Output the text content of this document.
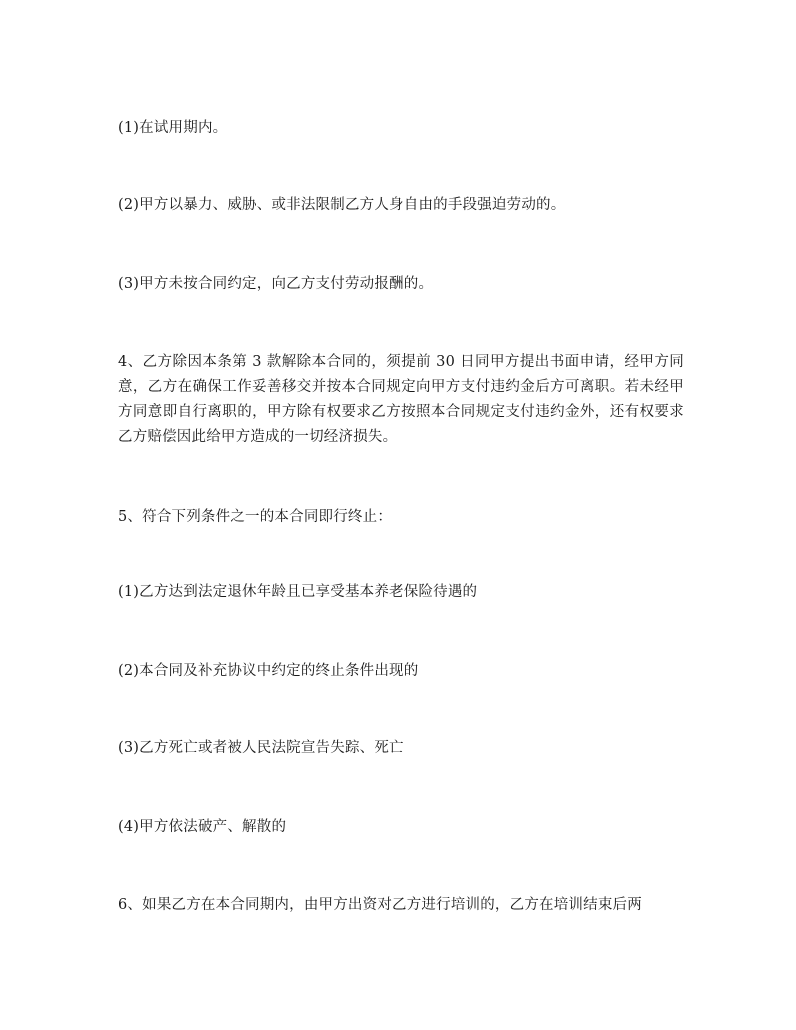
(1)在试用期内。

(2)甲方以暴力、威胁、或非法限制乙方人身自由的手段强迫劳动的。

(3)甲方未按合同约定，向乙方支付劳动报酬的。

4、乙方除因本条第 3 款解除本合同的，须提前 30 日同甲方提出书面申请，经甲方同意，乙方在确保工作妥善移交并按本合同规定向甲方支付违约金后方可离职。若未经甲方同意即自行离职的，甲方除有权要求乙方按照本合同规定支付违约金外，还有权要求乙方赔偿因此给甲方造成的一切经济损失。

5、符合下列条件之一的本合同即行终止：

(1)乙方达到法定退休年龄且已享受基本养老保险待遇的

(2)本合同及补充协议中约定的终止条件出现的

(3)乙方死亡或者被人民法院宣告失踪、死亡

(4)甲方依法破产、解散的

6、如果乙方在本合同期内，由甲方出资对乙方进行培训的，乙方在培训结束后两
